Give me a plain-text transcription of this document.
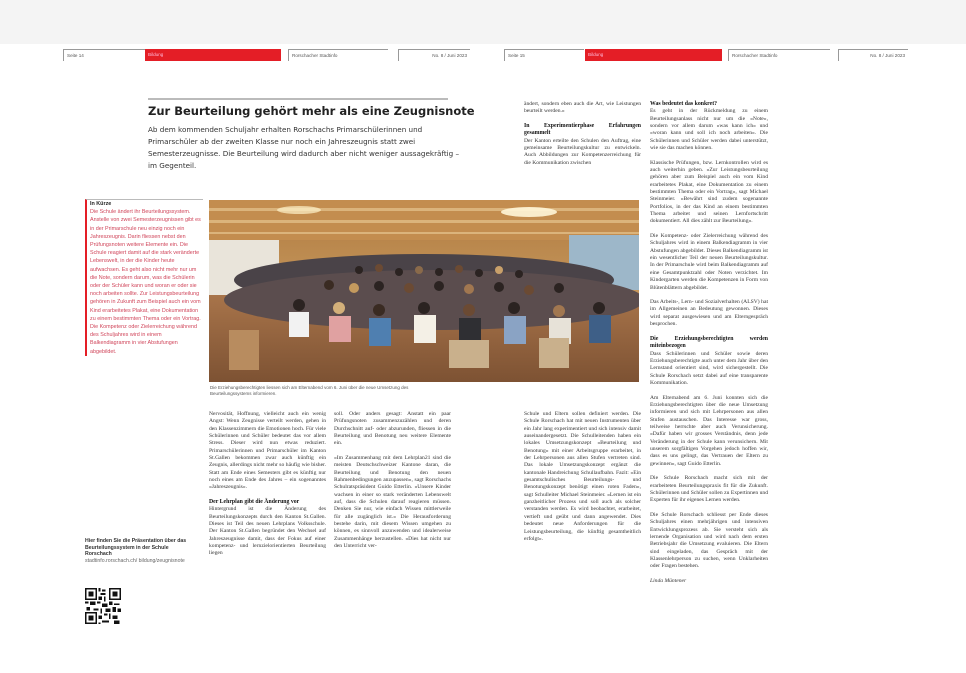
Seite 14	Bildung	Rorschacher Stadtinfo	No. 8 / Juni 2023	Seite 15	Bildung	Rorschacher Stadtinfo	No. 8 / Juni 2023
Zur Beurteilung gehört mehr als eine Zeugnisnote
Ab dem kommenden Schuljahr erhalten Rorschachs Primarschülerinnen und Primarschüler ab der zweiten Klasse nur noch ein Jahreszeugnis statt zwei Semesterzeugnisse. Die Beurteilung wird dadurch aber nicht weniger aussagekräftig – im Gegenteil.
In Kürze
Die Schule ändert ihr Beurteilungssystem. Anstelle von zwei Semesterzeugnissen gibt es in der Primarschule neu einzig noch ein Jahreszeugnis. Darin fliessen nebst den Prüfungsnoten weitere Elemente ein. Die Schule reagiert damit auf die stark veränderte Lebenswelt, in der die Kinder heute aufwachsen. Es geht also nicht mehr nur um die Note, sondern darum, was die Schülerin oder der Schüler kann und woran er oder sie noch arbeiten sollte. Zur Leistungsbeurteilung gehören in Zukunft zum Beispiel auch ein vom Kind erarbeitetes Plakat, eine Dokumentation zu einem bestimmten Thema oder ein Vortrag. Die Kompetenz oder Zielerreichung während des Schuljahres wird in einem Balkendiagramm in vier Abstufungen abgebildet.
Hier finden Sie die Präsentation über das Beurteilungssystem in der Schule Rorschach
stadtinfo.rorschach.ch/ bildung/zeugnisnote
Die Erziehungsberechtigten liessen sich am Elternabend vom 6. Juni über die neue Umsetzung des Beurteilungssystems informieren.

Nervosität, Hoffnung, vielleicht auch ein wenig Angst: Wenn Zeugnisse verteilt werden, gehen in den Klassenzimmern die Emotionen hoch. Für viele Schülerinnen und Schüler bedeutet das vor allem Stress. Dieser wird nun etwas reduziert. Primarschülerinnen und Primarschüler im Kanton St.Gallen bekommen zwar auch künftig ein Zeugnis, allerdings nicht mehr so häufig wie bisher. Statt am Ende eines Semesters gibt es künftig nur noch eines am Ende des Jahres – ein sogenanntes «Jahreszeugnis».

Der Lehrplan gibt die Änderung vor

Hintergrund ist die Änderung des Beurteilungskonzepts durch den Kanton St.Gallen. Dieses ist Teil des neuen Lehrplans Volksschule. Der Kanton St.Gallen begründet den Wechsel auf Jahreszeugnisse damit, dass der Fokus auf einer kompetenz- und lernzielorientierten Beurteilung liegen

soll. Oder anders gesagt: Anstatt ein paar Prüfungsnoten zusammenzuzählen und deren Durchschnitt auf- oder abzurunden, fliessen in die Beurteilung und Benotung neu weitere Elemente ein.

«Im Zusammenhang mit dem Lehrplan21 sind die meisten Deutschschweizer Kantone daran, die Beurteilung und Benotung den neuen Rahmenbedingungen anzupassen», sagt Rorschachs Schulratspräsident Guido Etterlin. «Unsere Kinder wachsen in einer so stark veränderten Lebenswelt auf, dass die Schulen darauf reagieren müssen. Denken Sie nur, wie einfach Wissen mittlerweile für alle zugänglich ist.» Die Herausforderung bestehe darin, mit diesem Wissen umgehen zu können, es sinnvoll anzuwenden und idealerweise Zusammenhänge herzustellen. «Dies hat nicht nur den Unterricht ver-

ändert, sondern eben auch die Art, wie Leistungen beurteilt werden.»

In Experimentierphase Erfahrungen gesammelt

Der Kanton erteilte den Schulen den Auftrag, eine gemeinsame Beurteilungskultur zu entwickeln. Auch Abbildungen zur Kompetenzerreichung für die Kommunikation zwischen

Schule und Eltern sollen definiert werden. Die Schule Rorschach hat mit neuen Instrumenten über ein Jahr lang experimentiert und sich intensiv damit auseinandergesetzt. Die Schulleitenden haben ein lokales Umsetzungskonzept «Beurteilung und Benotung» mit einer Arbeitsgruppe erarbeitet, in der Lehrpersonen aus allen Stufen vertreten sind. Das lokale Umsetzungskonzept ergänzt die kantonale Handreichung Schullaufbahn. Fazit: «Ein gesamtschulisches Beurteilungs- und Benotungskonzept benötigt einen roten Faden», sagt Schulleiter Michael Steinmeier. «Lernen ist ein ganzheitlicher Prozess und soll auch als solcher verstanden werden. Es wird beobachtet, erarbeitet, vertieft und geübt und dann angewendet. Dies bedeutet neue Anforderungen für die Leistungsbeurteilung, die künftig gesamtheitlich erfolgt».

Was bedeutet das konkret?

Es geht in der Rückmeldung zu einem Beurteilungsanlass nicht nur um die «Note», sondern vor allem darum «was kann ich» und «woran kann und soll ich noch arbeiten». Die Schülerinnen und Schüler werden dabei unterstützt, wie sie das machen können.

Klassische Prüfungen, bzw. Lernkontrollen wird es auch weiterhin geben. «Zur Leistungsbeurteilung gehören aber zum Beispiel auch ein vom Kind erarbeitetes Plakat, eine Dokumentation zu einem bestimmten Thema oder ein Vortrag», sagt Michael Steinmeier. «Bewährt sind zudem sogenannte Portfolios, in der das Kind an einem bestimmten Thema arbeitet und seinen Lernfortschritt dokumentiert. All dies zählt zur Beurteilung».

Die Kompetenz- oder Zielerreichung während des Schuljahres wird in einem Balkendiagramm in vier Abstufungen abgebildet. Dieses Balkendiagramm ist ein wesentlicher Teil der neuen Beurteilungskultur. In der Primarschule wird beim Balkendiagramm auf eine Gesamtpunktzahl oder Noten verzichtet. Im Kindergarten werden die Kompetenzen in Form von Blütenblättern abgebildet.

Das Arbeits-, Lern- und Sozialverhalten (ALSV) hat im Allgemeinen an Bedeutung gewonnen. Dieses wird separat ausgewiesen und am Elterngespräch besprochen.

Die Erziehungsberechtigten werden miteinbezogen

Dass Schülerinnen und Schüler sowie deren Erziehungsberechtigte auch unter dem Jahr über den Lernstand orientiert sind, wird sichergestellt. Die Schule Rorschach setzt dabei auf eine transparente Kommunikation.

Am Elternabend am 6. Juni konnten sich die Erziehungsberechtigten über die neue Umsetzung informieren und sich mit Lehrpersonen aus allen Stufen austauschen. Das Interesse war gross, teilweise herrschte aber auch Verunsicherung. «Dafür haben wir grosses Verständnis, denn jede Veränderung in der Schule kann verunsichern. Mit unserem sorgfältigen Vorgehen jedoch hoffen wir, dass es uns gelingt, das Vertrauen der Eltern zu gewinnen», sagt Guido Etterlin.

Die Schule Rorschach macht sich mit der erarbeiteten Beurteilungspraxis fit für die Zukunft. Schülerinnen und Schüler sollen zu Expertinnen und Experten für ihr eigenes Lernen werden.

Die Schule Rorschach schliesst per Ende dieses Schuljahres einen mehrjährigen und intensiven Entwicklungsprozess ab. Sie versteht sich als lernende Organisation und wird nach dem ersten Betriebsjahr die Umsetzung evaluieren. Die Eltern sind eingeladen, das Gespräch mit der Klassenlehrperson zu suchen, wenn Unklarheiten oder Fragen bestehen.

Linda Müntener
